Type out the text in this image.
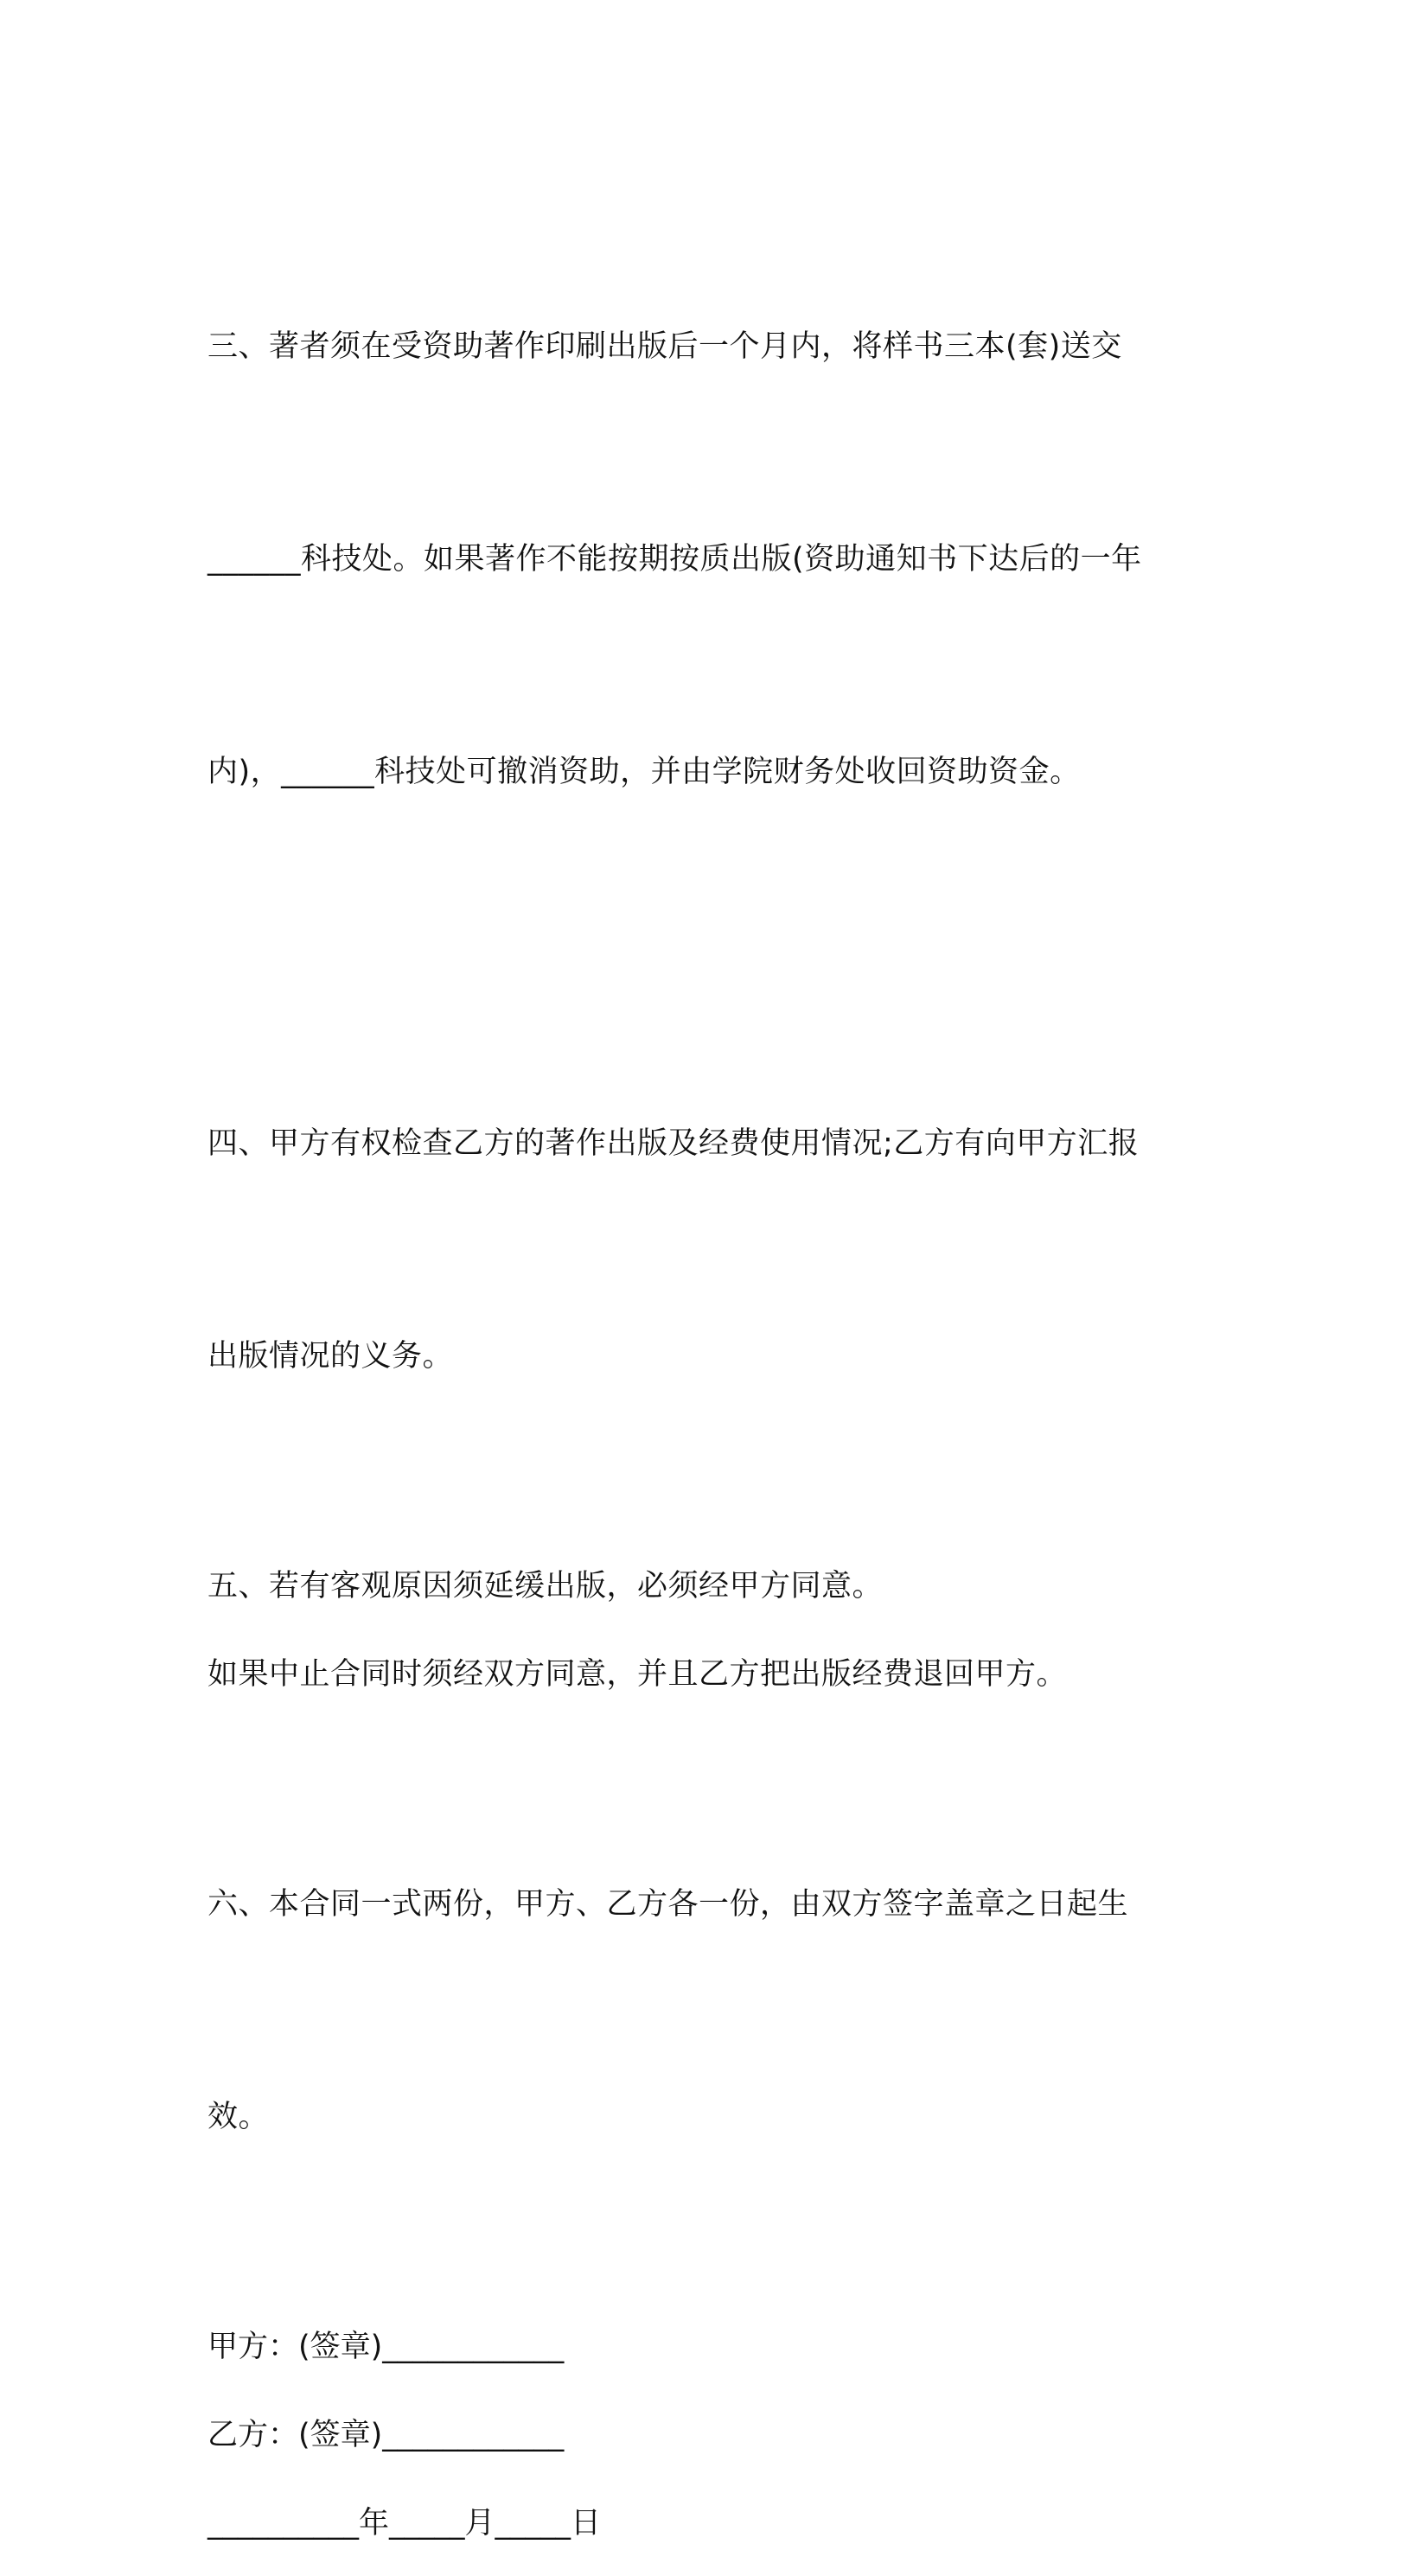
三、著者须在受资助著作印刷出版后一个月内，将样书三本(套)送交

______科技处。如果著作不能按期按质出版(资助通知书下达后的一年

内)，______科技处可撤消资助，并由学院财务处收回资助资金。

四、甲方有权检查乙方的著作出版及经费使用情况;乙方有向甲方汇报

出版情况的义务。

五、若有客观原因须延缓出版，必须经甲方同意。
如果中止合同时须经双方同意，并且乙方把出版经费退回甲方。

六、本合同一式两份，甲方、乙方各一份，由双方签字盖章之日起生

效。

甲方：(签章)____________
乙方：(签章)____________
__________年_____月_____日
